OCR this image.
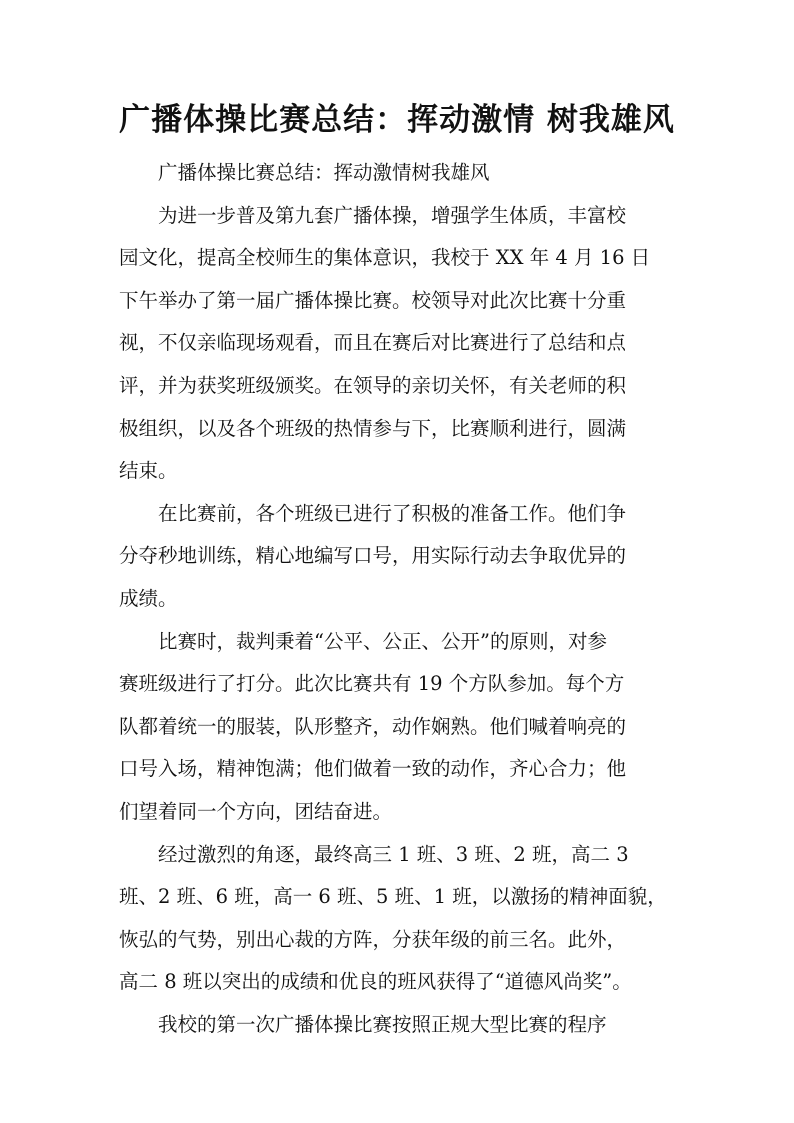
广播体操比赛总结：挥动激情 树我雄风

广播体操比赛总结：挥动激情树我雄风

为进一步普及第九套广播体操，增强学生体质，丰富校
园文化，提高全校师生的集体意识，我校于 XX 年 4 月 16 日
下午举办了第一届广播体操比赛。校领导对此次比赛十分重
视，不仅亲临现场观看，而且在赛后对比赛进行了总结和点
评，并为获奖班级颁奖。在领导的亲切关怀，有关老师的积
极组织，以及各个班级的热情参与下，比赛顺利进行，圆满
结束。

在比赛前，各个班级已进行了积极的准备工作。他们争
分夺秒地训练，精心地编写口号，用实际行动去争取优异的
成绩。

比赛时，裁判秉着“公平、公正、公开”的原则，对参
赛班级进行了打分。此次比赛共有 19 个方队参加。每个方
队都着统一的服装，队形整齐，动作娴熟。他们喊着响亮的
口号入场，精神饱满；他们做着一致的动作，齐心合力；他
们望着同一个方向，团结奋进。

经过激烈的角逐，最终高三 1 班、3 班、2 班，高二 3
班、2 班、6 班，高一 6 班、5 班、1 班，以激扬的精神面貌，
恢弘的气势，别出心裁的方阵，分获年级的前三名。此外，
高二 8 班以突出的成绩和优良的班风获得了“道德风尚奖”。

我校的第一次广播体操比赛按照正规大型比赛的程序
